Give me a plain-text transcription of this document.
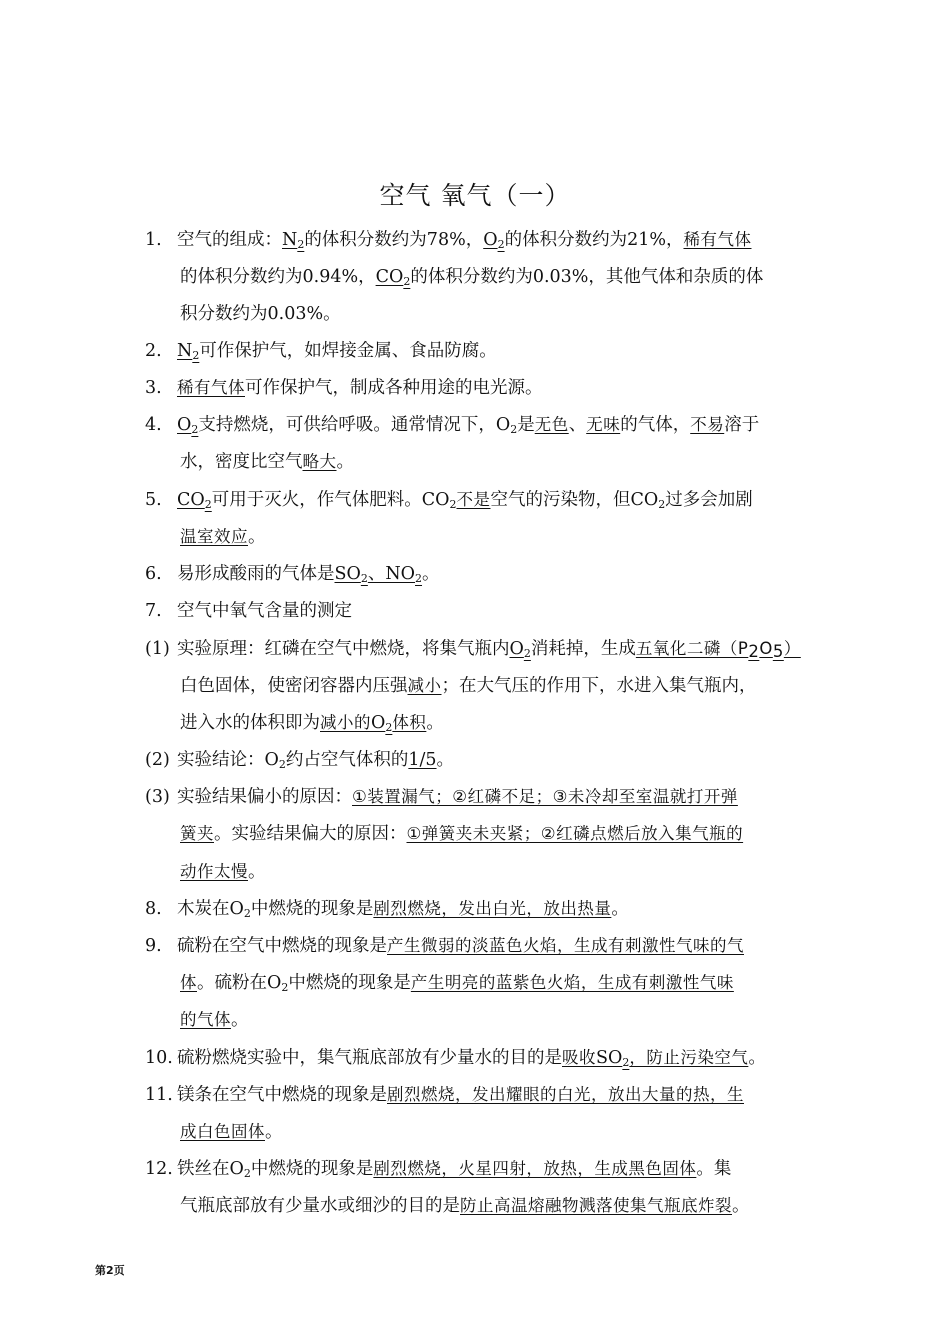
空气 氧气（一）
1. 空气的组成：$N_2$的体积分数约为78%，$O_2$的体积分数约为21%，稀有气体
的体积分数约为0.94%，$CO_2$的体积分数约为0.03%，其他气体和杂质的体
积分数约为0.03%。
2. $N_2$可作保护气，如焊接金属、食品防腐。
3. 稀有气体可作保护气，制成各种用途的电光源。
4. $O_2$支持燃烧，可供给呼吸。通常情况下，$O_2$是无色、无味的气体，不易溶于
水，密度比空气略大。
5. $CO_2$可用于灭火，作气体肥料。$CO_2$不是空气的污染物，但$CO_2$过多会加剧
温室效应。
6. 易形成酸雨的气体是$SO_2$、$NO_2$。
7. 空气中氧气含量的测定
(1) 实验原理：红磷在空气中燃烧，将集气瓶内$O_2$消耗掉，生成五氧化二磷$(P_2O_5)$
白色固体，使密闭容器内压强减小；在大气压的作用下，水进入集气瓶内，
进入水的体积即为减小的$O_2$体积。
(2) 实验结论：$O_2$约占空气体积的1/5。
(3) 实验结果偏小的原因：①装置漏气；②红磷不足；③未冷却至室温就打开弹
簧夹。实验结果偏大的原因：①弹簧夹未夹紧；②红磷点燃后放入集气瓶的
动作太慢。
8. 木炭在$O_2$中燃烧的现象是剧烈燃烧，发出白光，放出热量。
9. 硫粉在空气中燃烧的现象是产生微弱的淡蓝色火焰，生成有刺激性气味的气
体。硫粉在$O_2$中燃烧的现象是产生明亮的蓝紫色火焰，生成有刺激性气味
的气体。
10. 硫粉燃烧实验中，集气瓶底部放有少量水的目的是吸收$SO_2$，防止污染空气。
11. 镁条在空气中燃烧的现象是剧烈燃烧，发出耀眼的白光，放出大量的热，生
成白色固体。
12. 铁丝在$O_2$中燃烧的现象是剧烈燃烧，火星四射，放热，生成黑色固体。集
气瓶底部放有少量水或细沙的目的是防止高温熔融物溅落使集气瓶底炸裂。
第2页
